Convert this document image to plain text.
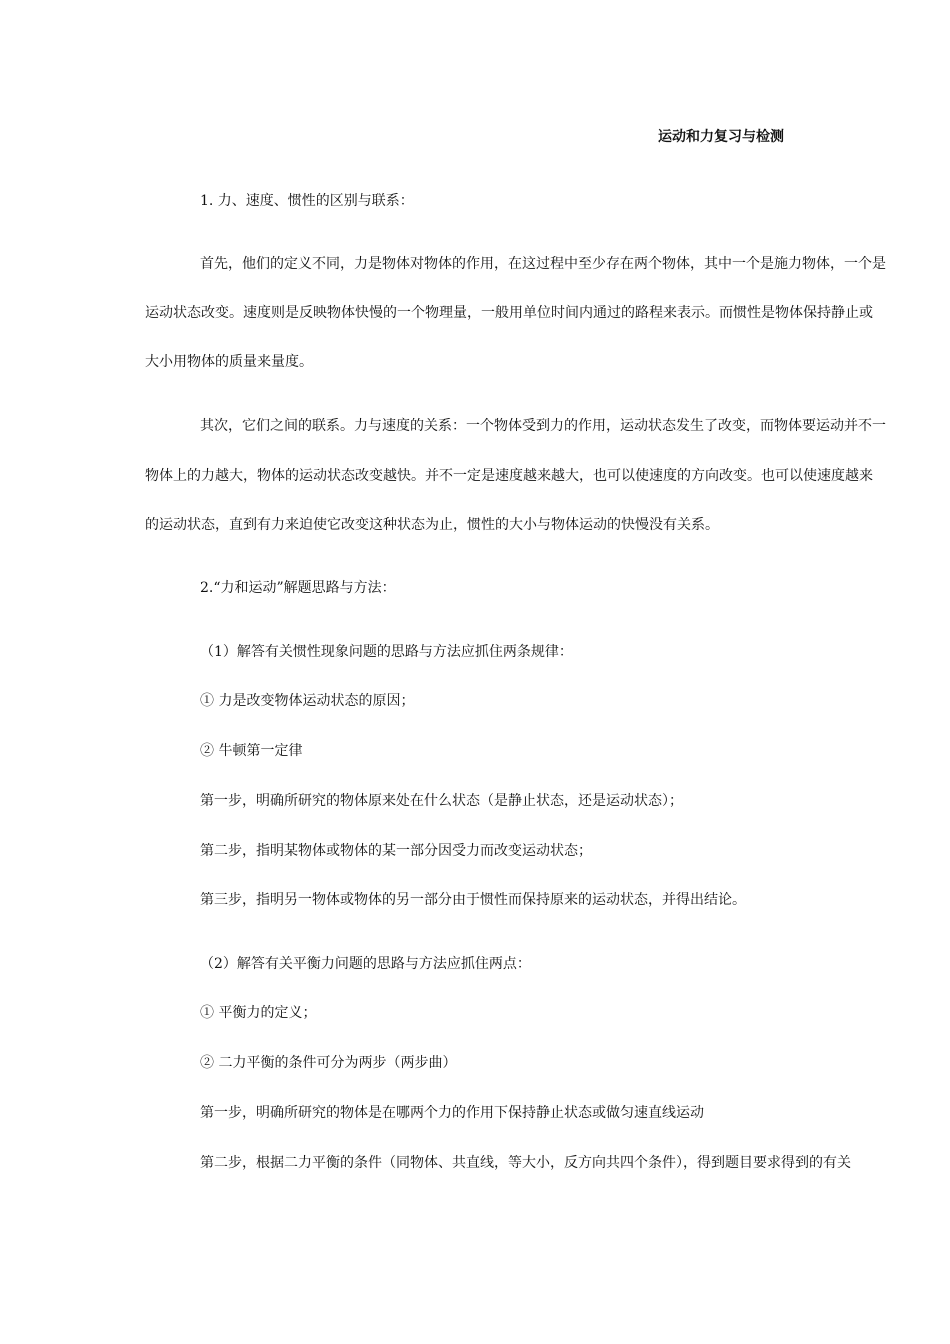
运动和力复习与检测
1. 力、速度、惯性的区别与联系：
首先，他们的定义不同，力是物体对物体的作用，在这过程中至少存在两个物体，其中一个是施力物体，一个是
运动状态改变。速度则是反映物体快慢的一个物理量，一般用单位时间内通过的路程来表示。而惯性是物体保持静止或
大小用物体的质量来量度。
其次，它们之间的联系。力与速度的关系：一个物体受到力的作用，运动状态发生了改变，而物体要运动并不一
物体上的力越大，物体的运动状态改变越快。并不一定是速度越来越大，也可以使速度的方向改变。也可以使速度越来
的运动状态，直到有力来迫使它改变这种状态为止，惯性的大小与物体运动的快慢没有关系。
2.“力和运动”解题思路与方法：
（1）解答有关惯性现象问题的思路与方法应抓住两条规律：
① 力是改变物体运动状态的原因；
② 牛顿第一定律
第一步，明确所研究的物体原来处在什么状态（是静止状态，还是运动状态）；
第二步，指明某物体或物体的某一部分因受力而改变运动状态；
第三步，指明另一物体或物体的另一部分由于惯性而保持原来的运动状态，并得出结论。
（2）解答有关平衡力问题的思路与方法应抓住两点：
① 平衡力的定义；
② 二力平衡的条件可分为两步（两步曲）
第一步，明确所研究的物体是在哪两个力的作用下保持静止状态或做匀速直线运动
第二步，根据二力平衡的条件（同物体、共直线，等大小，反方向共四个条件），得到题目要求得到的有关
